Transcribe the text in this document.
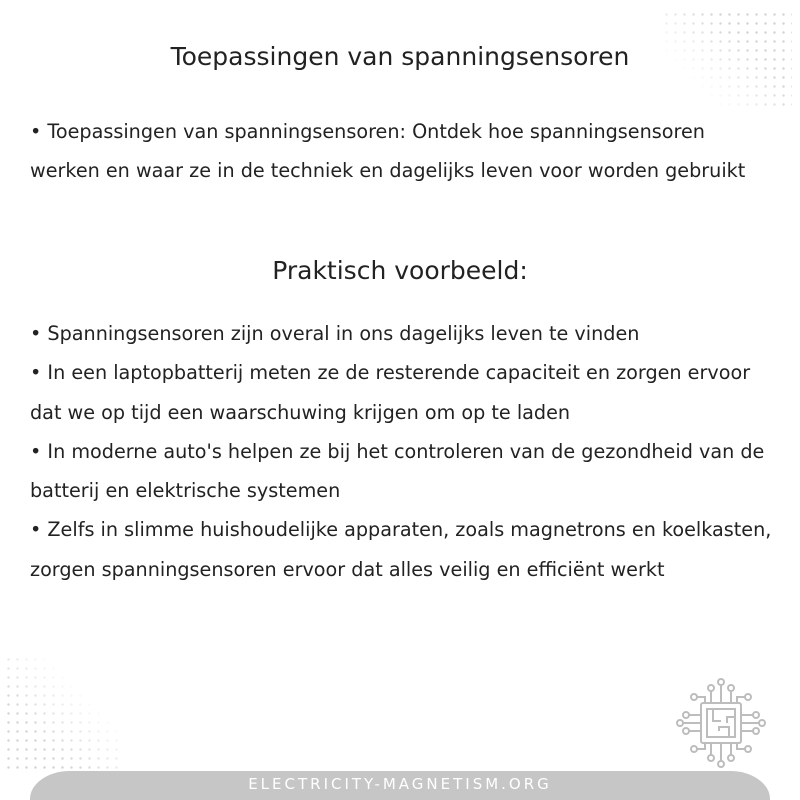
Toepassingen van spanningsensoren
• Toepassingen van spanningsensoren: Ontdek hoe spanningsensoren werken en waar ze in de techniek en dagelijks leven voor worden gebruikt
Praktisch voorbeeld:
• Spanningsensoren zijn overal in ons dagelijks leven te vinden
• In een laptopbatterij meten ze de resterende capaciteit en zorgen ervoor dat we op tijd een waarschuwing krijgen om op te laden
• In moderne auto's helpen ze bij het controleren van de gezondheid van de batterij en elektrische systemen
• Zelfs in slimme huishoudelijke apparaten, zoals magnetrons en koelkasten, zorgen spanningsensoren ervoor dat alles veilig en efficiënt werkt
ELECTRICITY-MAGNETISM.ORG
